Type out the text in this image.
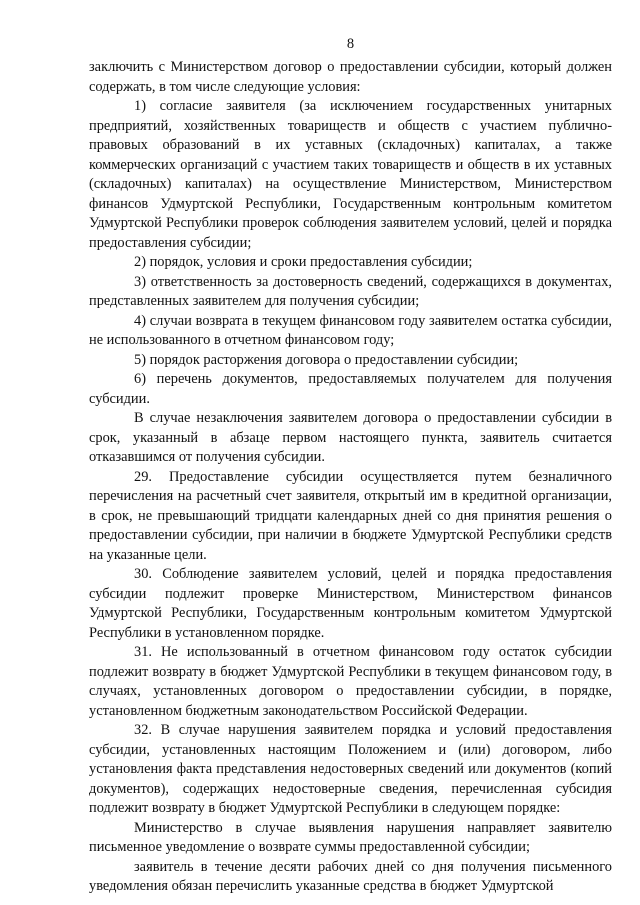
8

заключить с Министерством договор о предоставлении субсидии, который должен содержать, в том числе следующие условия:

1) согласие заявителя (за исключением государственных унитарных предприятий, хозяйственных товариществ и обществ с участием публично-правовых образований в их уставных (складочных) капиталах, а также коммерческих организаций с участием таких товариществ и обществ в их уставных (складочных) капиталах) на осуществление Министерством, Министерством финансов Удмуртской Республики, Государственным контрольным комитетом Удмуртской Республики проверок соблюдения заявителем условий, целей и порядка предоставления субсидии;

2) порядок, условия и сроки предоставления субсидии;

3) ответственность за достоверность сведений, содержащихся в документах, представленных заявителем для получения субсидии;

4) случаи возврата в текущем финансовом году заявителем остатка субсидии, не использованного в отчетном финансовом году;

5) порядок расторжения договора о предоставлении субсидии;

6) перечень документов, предоставляемых получателем для получения субсидии.

В случае незаключения заявителем договора о предоставлении субсидии в срок, указанный в абзаце первом настоящего пункта, заявитель считается отказавшимся от получения субсидии.

29. Предоставление субсидии осуществляется путем безналичного перечисления на расчетный счет заявителя, открытый им в кредитной организации, в срок, не превышающий тридцати календарных дней со дня принятия решения о предоставлении субсидии, при наличии в бюджете Удмуртской Республики средств на указанные цели.

30. Соблюдение заявителем условий, целей и порядка предоставления субсидии подлежит проверке Министерством, Министерством финансов Удмуртской Республики, Государственным контрольным комитетом Удмуртской Республики в установленном порядке.

31. Не использованный в отчетном финансовом году остаток субсидии подлежит возврату в бюджет Удмуртской Республики в текущем финансовом году, в случаях, установленных договором о предоставлении субсидии, в порядке, установленном бюджетным законодательством Российской Федерации.

32. В случае нарушения заявителем порядка и условий предоставления субсидии, установленных настоящим Положением и (или) договором, либо установления факта представления недостоверных сведений или документов (копий документов), содержащих недостоверные сведения, перечисленная субсидия подлежит возврату в бюджет Удмуртской Республики в следующем порядке:

Министерство в случае выявления нарушения направляет заявителю письменное уведомление о возврате суммы предоставленной субсидии;

заявитель в течение десяти рабочих дней со дня получения письменного уведомления обязан перечислить указанные средства в бюджет Удмуртской
